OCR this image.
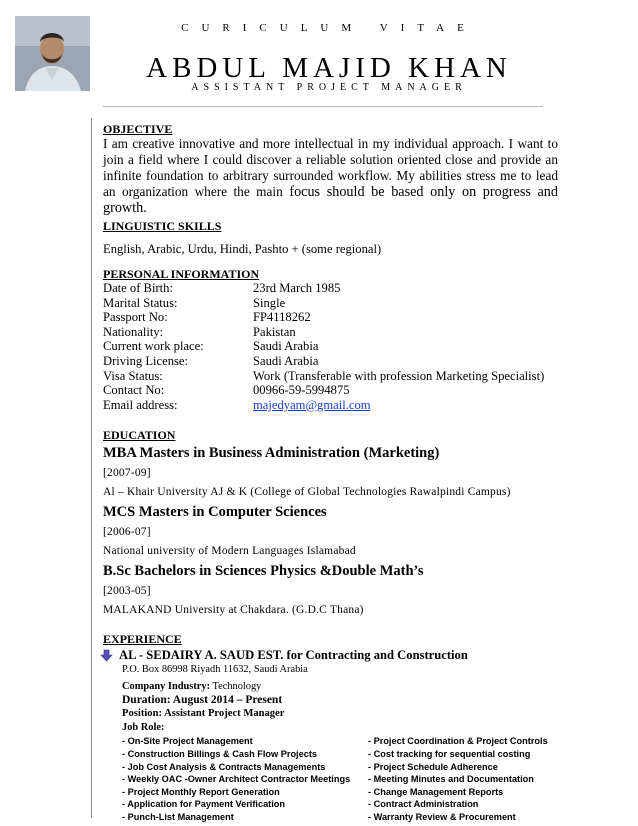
CURICULUM VITAE
ABDUL MAJID KHAN
ASSISTANT PROJECT MANAGER
OBJECTIVE
I am creative innovative and more intellectual in my individual approach. I want to join a field where I could discover a reliable solution oriented close and provide an infinite foundation to arbitrary surrounded workflow. My abilities stress me to lead an organization where the main focus should be based only on progress and growth.
LINGUISTIC SKILLS
English, Arabic, Urdu, Hindi, Pashto + (some regional)
PERSONAL INFORMATION
Date of Birth:	23rd March 1985
Marital Status:	Single
Passport No:	FP4118262
Nationality:	Pakistan
Current work place:	Saudi Arabia
Driving License:	Saudi Arabia
Visa Status:	Work (Transferable with profession Marketing Specialist)
Contact No:	00966-59-5994875
Email address:	majedyam@gmail.com
EDUCATION
MBA Masters in Business Administration (Marketing)
[2007-09]
Al – Khair University AJ & K (College of Global Technologies Rawalpindi Campus)
MCS Masters in Computer Sciences
[2006-07]
National university of Modern Languages Islamabad
B.Sc Bachelors in Sciences Physics &Double Math’s
[2003-05]
MALAKAND University at Chakdara. (G.D.C Thana)
EXPERIENCE
AL - SEDAIRY A. SAUD EST. for Contracting and Construction
P.O. Box 86998 Riyadh 11632, Saudi Arabia
Company Industry: Technology
Duration: August 2014 – Present
Position: Assistant Project Manager
Job Role:
- On-Site Project Management	- Project Coordination & Project Controls
- Construction Billings & Cash Flow Projects	- Cost tracking for sequential costing
- Job Cost Analysis & Contracts Managements	- Project Schedule Adherence
- Weekly OAC -Owner Architect Contractor Meetings	- Meeting Minutes and Documentation
- Project Monthly Report Generation	- Change Management Reports
- Application for Payment Verification	- Contract Administration
- Punch-List Management	- Warranty Review & Procurement
